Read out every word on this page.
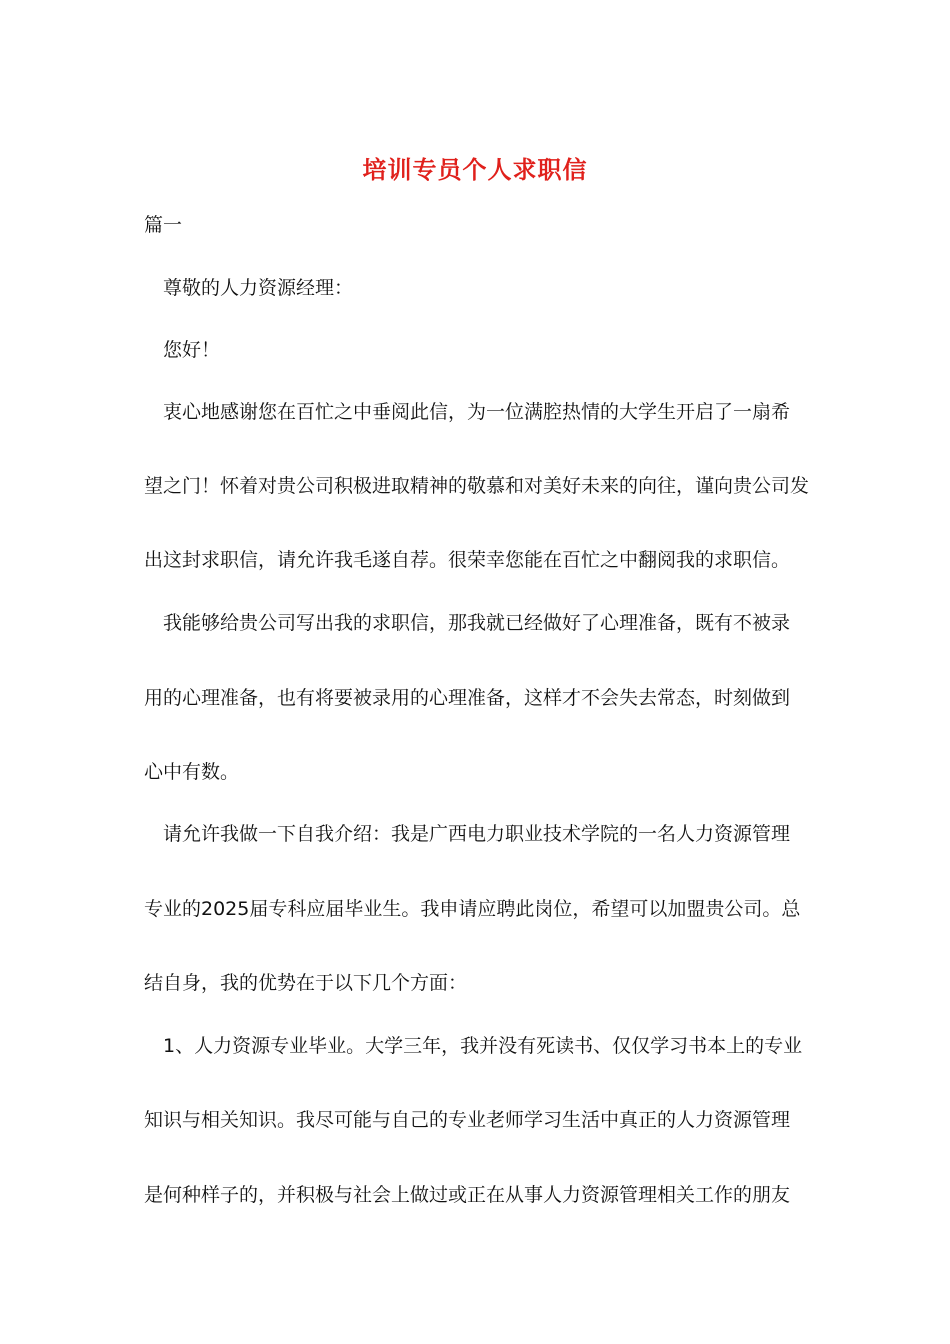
培训专员个人求职信
篇一
尊敬的人力资源经理：
您好！
衷心地感谢您在百忙之中垂阅此信，为一位满腔热情的大学生开启了一扇希
望之门！怀着对贵公司积极进取精神的敬慕和对美好未来的向往，谨向贵公司发
出这封求职信，请允许我毛遂自荐。很荣幸您能在百忙之中翻阅我的求职信。
我能够给贵公司写出我的求职信，那我就已经做好了心理准备，既有不被录
用的心理准备，也有将要被录用的心理准备，这样才不会失去常态，时刻做到
心中有数。
请允许我做一下自我介绍：我是广西电力职业技术学院的一名人力资源管理
专业的2025届专科应届毕业生。我申请应聘此岗位，希望可以加盟贵公司。总
结自身，我的优势在于以下几个方面：
1、人力资源专业毕业。大学三年，我并没有死读书、仅仅学习书本上的专业
知识与相关知识。我尽可能与自己的专业老师学习生活中真正的人力资源管理
是何种样子的，并积极与社会上做过或正在从事人力资源管理相关工作的朋友
